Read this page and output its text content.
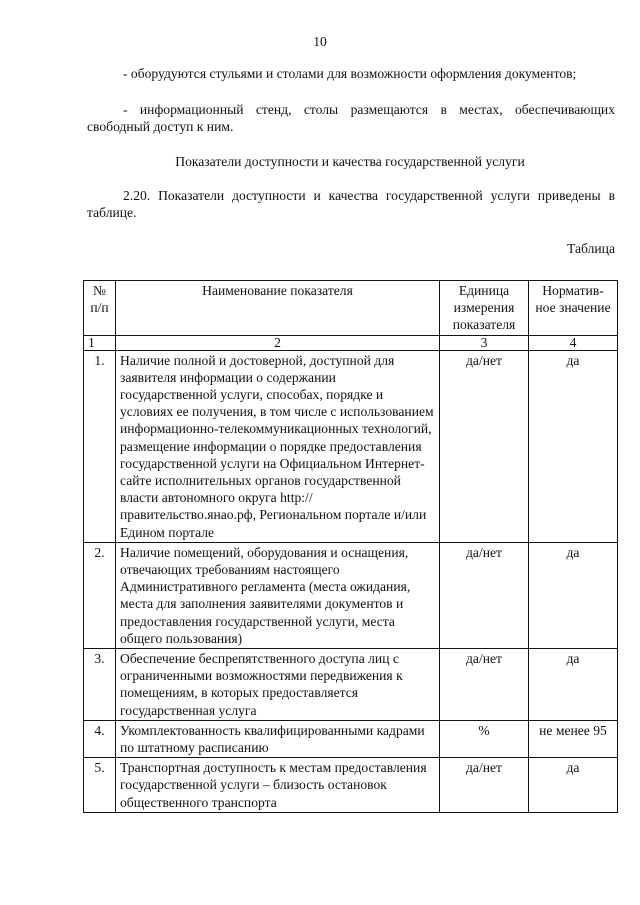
10
- оборудуются стульями и столами для возможности оформления документов;
- информационный стенд, столы размещаются в местах, обеспечивающих свободный доступ к ним.
Показатели доступности и качества государственной услуги
2.20. Показатели доступности и качества государственной услуги приведены в таблице.
Таблица
№ п/п	Наименование показателя	Единица измерения показателя	Норматив-ное значение
1	2	3	4
1.	Наличие полной и достоверной, доступной для заявителя информации о содержании государственной услуги, способах, порядке и условиях ее получения, в том числе с использованием информационно-телекоммуникационных технологий, размещение информации о порядке предоставления государственной услуги на Официальном Интернет-сайте исполнительных органов государственной власти автономного округа http://правительство.янао.рф, Региональном портале и/или Едином портале	да/нет	да
2.	Наличие помещений, оборудования и оснащения, отвечающих требованиям настоящего Административного регламента (места ожидания, места для заполнения заявителями документов и предоставления государственной услуги, места общего пользования)	да/нет	да
3.	Обеспечение беспрепятственного доступа лиц с ограниченными возможностями передвижения к помещениям, в которых предоставляется государственная услуга	да/нет	да
4.	Укомплектованность квалифицированными кадрами по штатному расписанию	%	не менее 95
5.	Транспортная доступность к местам предоставления государственной услуги – близость остановок общественного транспорта	да/нет	да
